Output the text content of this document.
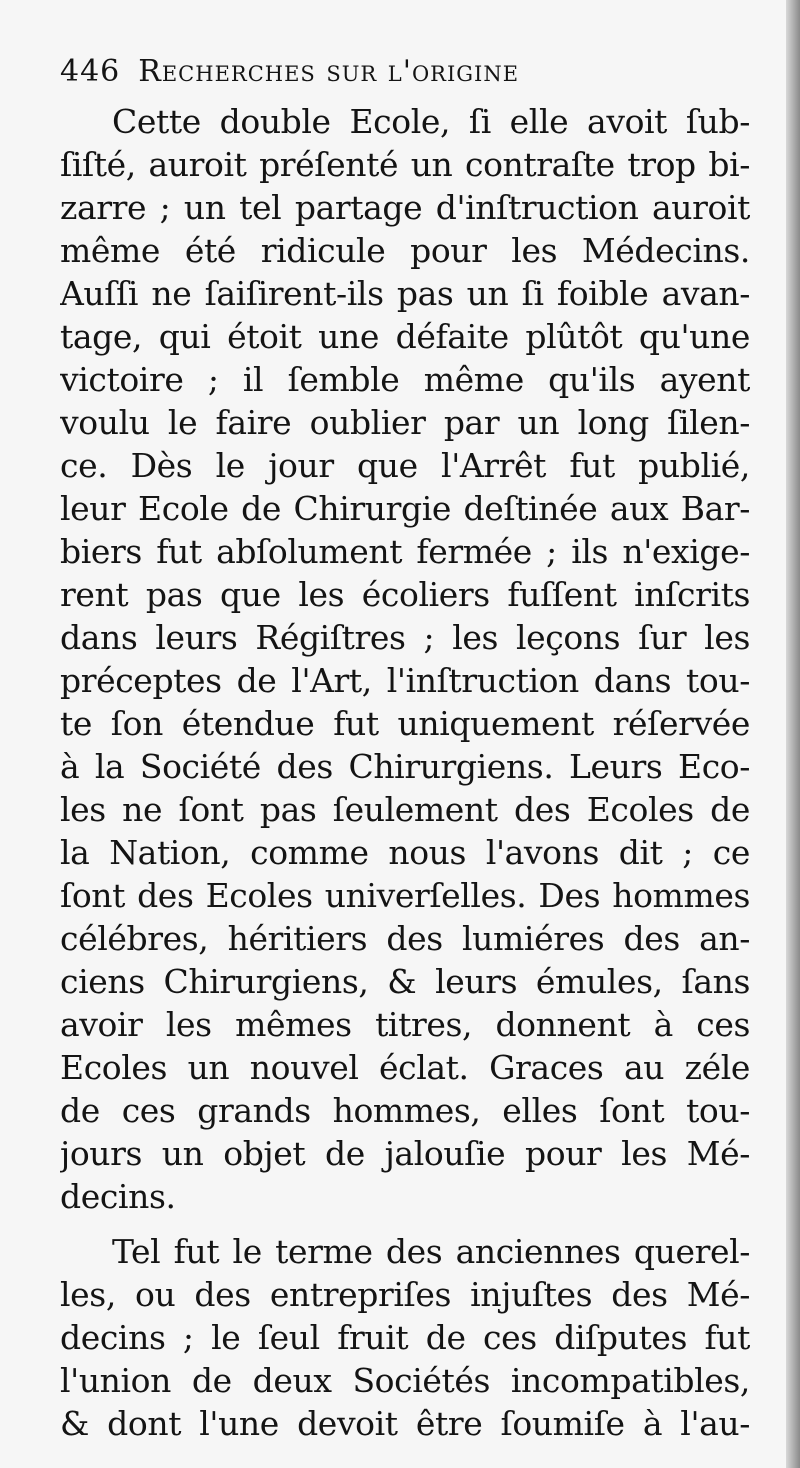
446 Recherches sur l'origine
Cette double Ecole, ſi elle avoit ſub-
ſiſté, auroit préſenté un contraſte trop bi-
zarre ; un tel partage d'inſtruction auroit
même été ridicule pour les Médecins.
Auſſi ne ſaiſirent-ils pas un ſi foible avan-
tage, qui étoit une défaite plûtôt qu'une
victoire ; il ſemble même qu'ils ayent
voulu le faire oublier par un long ſilen-
ce. Dès le jour que l'Arrêt fut publié,
leur Ecole de Chirurgie deſtinée aux Bar-
biers fut abſolument fermée ; ils n'exige-
rent pas que les écoliers fuſſent inſcrits
dans leurs Régiſtres ; les leçons ſur les
préceptes de l'Art, l'inſtruction dans tou-
te ſon étendue fut uniquement réſervée
à la Société des Chirurgiens. Leurs Eco-
les ne ſont pas ſeulement des Ecoles de
la Nation, comme nous l'avons dit ; ce
ſont des Ecoles univerſelles. Des hommes
célébres, héritiers des lumiéres des an-
ciens Chirurgiens, & leurs émules, ſans
avoir les mêmes titres, donnent à ces
Ecoles un nouvel éclat. Graces au zéle
de ces grands hommes, elles ſont tou-
jours un objet de jalouſie pour les Mé-
decins.
Tel fut le terme des anciennes querel-
les, ou des entrepriſes injuſtes des Mé-
decins ; le ſeul fruit de ces diſputes fut
l'union de deux Sociétés incompatibles,
& dont l'une devoit être ſoumiſe à l'au-
